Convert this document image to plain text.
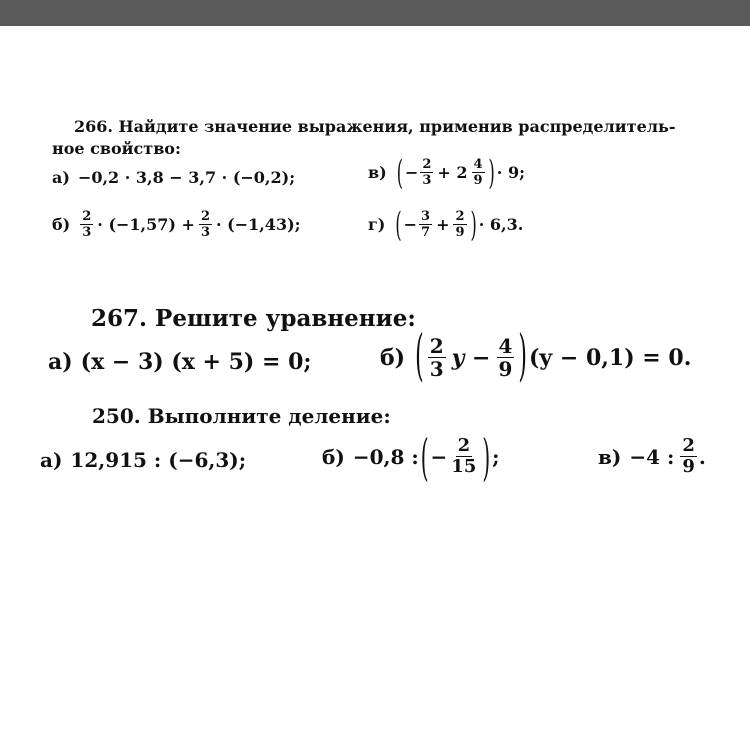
266. Найдите значение выражения, применив распределитель-
ное свойство:
а) −0,2 · 3,8 − 3,7 · (−0,2);	в) ( − $\frac{2}{3} + 2 \frac{4}{9}$ ) · 9;
$б) \frac{2}{3} \cdot (-1,57) + \frac{2}{3} \cdot (-1,43)$;	г) ( − $\frac{3}{7} + \frac{2}{9}$ ) · 6,3.
267. Решите уравнение:
а) (x − 3) (x + 5) = 0;	б) ( $\frac{2}{3}$ $y - \frac{4}{9}$ ) (y − 0,1) = 0.
250. Выполните деление:
а) 12,915 : (−6,3);	б) −0,8 : ( − $\frac{2}{15}$ ) ;	в) −4 : $\frac{2}{9}$ .
